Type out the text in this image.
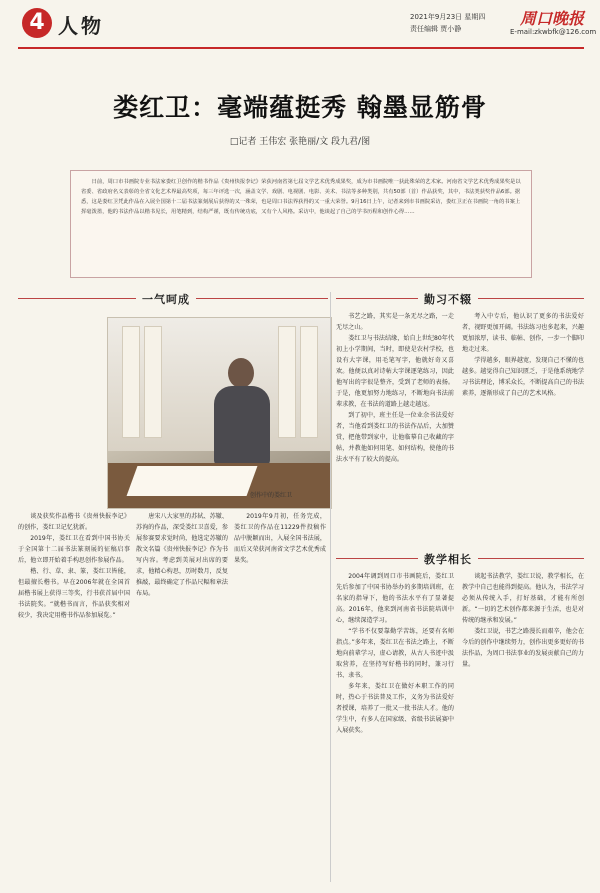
4 人物	2021年9月23日 星期四
责任编辑 贾小静
周口晚报
E-mail:zkwbfk@126.com
娄红卫：毫端蕴挺秀 翰墨显筋骨
□记者 王伟宏 张艳丽/文 段九君/图
日前，周口市书画院专业书法家娄红卫创作的楷书作品《贵州快报李记》荣获河南省第七届文学艺术优秀成果奖，成为市书画院唯一获此殊荣的艺术家。河南省文学艺术优秀成果奖是以省委、省政府名义表彰的全省文化艺术界最高奖项，每三年评选一次，涵盖文学、戏剧、电视剧、电影、美术、书法等多种类别，共有50部（首）作品获奖，其中，书法类获奖作品6部。据悉，这是娄红卫凭此作品在入展全国第十二届书法篆刻展后获得的又一殊荣，也是周口书法界获得的又一重大荣誉。9月16日上午，记者来到市书画院采访，娄红卫正在书画院一角的书案上挥毫泼墨，他的书法作品以楷书见长，用笔精到，结构严谨，既有传统功底，又有个人风格。采访中，他谈起了自己的学书历程和创作心得……
一气呵成
创作中的娄红卫

谈及获奖作品楷书《贵州快报李记》的创作，娄红卫记忆犹新。

2019年，娄红卫在看到中国书协关于全国第十二届书法篆刻展的征稿启事后，他立即开始着手构思创作参展作品。

楷、行、草、隶、篆，娄红卫皆能，但最擅长楷书。早在2006年就在全国首届楷书展上获得三等奖，行书获首届中国书法院奖。“就楷书而言，作品获奖相对较少，我决定用楷书作品参加展览。”

唐宋八大家里的苏轼、苏辙、苏洵的作品，深受娄红卫喜爱，参展参赛要求觉时尚，他选定苏辙的散文名篇《贵州快报李记》作为书写内容。考虑到美展对出席的要求，他精心构思，历时数月，反复推敲，最终确定了作品尺幅和章法布局。

2019年9月初，任务完成，娄红卫的作品在11229件投稿作品中脱颖而出，入展全国书法展，而后又荣获河南省文学艺术优秀成果奖。

勤习不辍

书艺之路，其实是一条无尽之路，一走无尽之山。

娄红卫与书法结缘，始自上世纪80年代初上小学期间，当时，即使是农村学校，也设有大字课，用毛笔写字，他就好奇又喜欢。他便以真对诗帖大字课逐笔练习，因此他写出的字很是整齐，受到了老师的表扬。于是，他更加努力地练习，不断地向书法前辈求教，在书法的道路上越走越远。

到了初中，班主任是一位业余书法爱好者，当他看到娄红卫的书法作品后，大加赞赏，把他带到家中，让他临摹自己收藏的字帖，并教他如何用笔、如何结构，使他的书法水平有了较大的提高。

考入中专后，他认识了更多的书法爱好者，视野更加开阔。书法练习也多起来，兴趣更加浓厚，读书、临帖、创作，一步一个脚印地走过来。

学得越多，眼界越宽，发现自己不懂的也越多。越觉得自己知识匮乏，于是他系统地学习书法理论，博采众长，不断提高自己的书法素养，逐渐形成了自己的艺术风格。

教学相长

2004年调到周口市书画院后，娄红卫先后参加了中国书协举办的多期培训班，在名家的指导下，他的书法水平有了显著提高。2016年，他来到河南省书法院培训中心，继续深造学习。

“学书不仅要靠勤学苦练，还要有名师指点。”多年来，娄红卫在书法之路上，不断地向前辈学习，虚心请教，从古人书迹中汲取营养，在坚持写好楷书的同时，兼习行书、隶书。

多年来，娄红卫在做好本职工作的同时，热心于书法普及工作，义务为书法爱好者授课，培养了一批又一批书法人才。他的学生中，有多人在国家级、省级书法展赛中入展获奖。

谈起书法教学，娄红卫说，教学相长，在教学中自己也能得到提高。他认为，书法学习必须从传统入手，打好基础，才能有所创新。“一切的艺术创作都来源于生活，也是对传统的继承和发展。”

娄红卫说，书艺之路漫长而艰辛，他会在今后的创作中继续努力，创作出更多更好的书法作品，为周口书法事业的发展贡献自己的力量。
